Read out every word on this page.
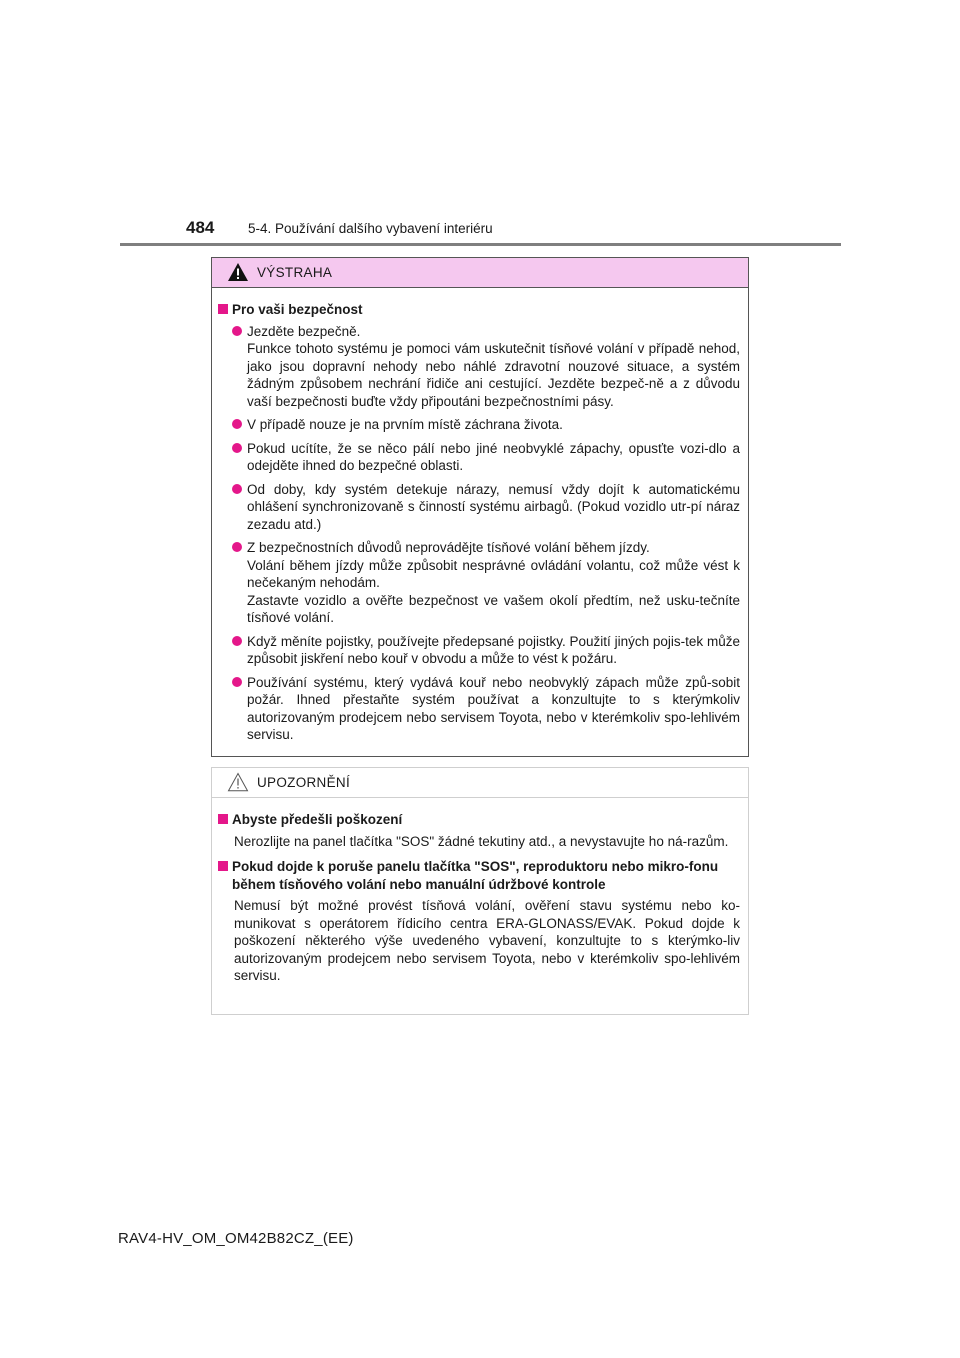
484	5-4. Používání dalšího vybavení interiéru
VÝSTRAHA
Pro vaši bezpečnost
Jezděte bezpečně.
Funkce tohoto systému je pomoci vám uskutečnit tísňové volání v případě nehod, jako jsou dopravní nehody nebo náhlé zdravotní nouzové situace, a systém žádným způsobem nechrání řidiče ani cestující. Jezděte bezpeč-ně a z důvodu vaší bezpečnosti buďte vždy připoutáni bezpečnostními pásy.
V případě nouze je na prvním místě záchrana života.
Pokud ucítíte, že se něco pálí nebo jiné neobvyklé zápachy, opusťte vozi-dlo a odejděte ihned do bezpečné oblasti.
Od doby, kdy systém detekuje nárazy, nemusí vždy dojít k automatickému ohlášení synchronizovaně s činností systému airbagů. (Pokud vozidlo utr-pí náraz zezadu atd.)
Z bezpečnostních důvodů neprovádějte tísňové volání během jízdy.
Volání během jízdy může způsobit nesprávné ovládání volantu, což může vést k nečekaným nehodám.
Zastavte vozidlo a ověřte bezpečnost ve vašem okolí předtím, než usku-tečníte tísňové volání.
Když měníte pojistky, používejte předepsané pojistky. Použití jiných pojis-tek může způsobit jiskření nebo kouř v obvodu a může to vést k požáru.
Používání systému, který vydává kouř nebo neobvyklý zápach může způ-sobit požár. Ihned přestaňte systém používat a konzultujte to s kterýmkoliv autorizovaným prodejcem nebo servisem Toyota, nebo v kterémkoliv spo-lehlivém servisu.
UPOZORNĚNÍ
Abyste předešli poškození
Nerozlijte na panel tlačítka "SOS" žádné tekutiny atd., a nevystavujte ho ná-razům.
Pokud dojde k poruše panelu tlačítka "SOS", reproduktoru nebo mikro-fonu během tísňového volání nebo manuální údržbové kontrole
Nemusí být možné provést tísňová volání, ověření stavu systému nebo ko-munikovat s operátorem řídicího centra ERA-GLONASS/EVAK. Pokud dojde k poškození některého výše uvedeného vybavení, konzultujte to s kterýmko-liv autorizovaným prodejcem nebo servisem Toyota, nebo v kterémkoliv spo-lehlivém servisu.
RAV4-HV_OM_OM42B82CZ_(EE)
